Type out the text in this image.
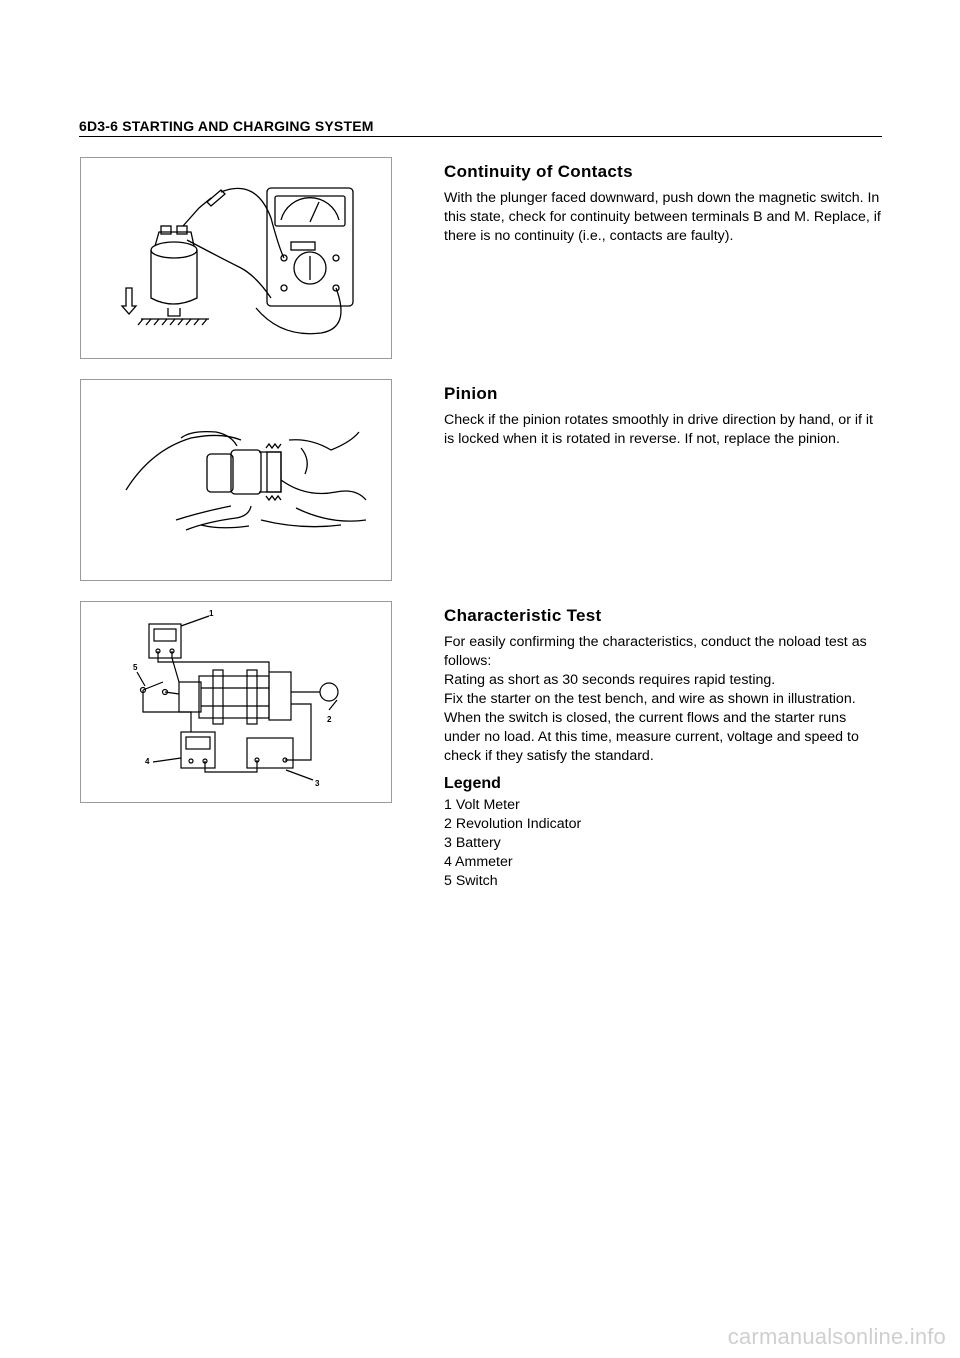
6D3-6 STARTING AND CHARGING SYSTEM
1
2
3
4
5
Continuity of Contacts

With the plunger faced downward, push down the magnetic switch. In this state, check for continuity between terminals B and M. Replace, if there is no continuity (i.e., contacts are faulty).

Pinion

Check if the pinion rotates smoothly in drive direction by hand, or if it is locked when it is rotated in reverse. If not, replace the pinion.

Characteristic Test

For easily confirming the characteristics, conduct the noload test as follows:

Rating as short as 30 seconds requires rapid testing.

Fix the starter on the test bench, and wire as shown in illustration. When the switch is closed, the current flows and the starter runs under no load. At this time, measure current, voltage and speed to check if they satisfy the standard.

Legend
1 Volt Meter
2 Revolution Indicator
3 Battery
4 Ammeter
5 Switch
carmanualsonline.info
